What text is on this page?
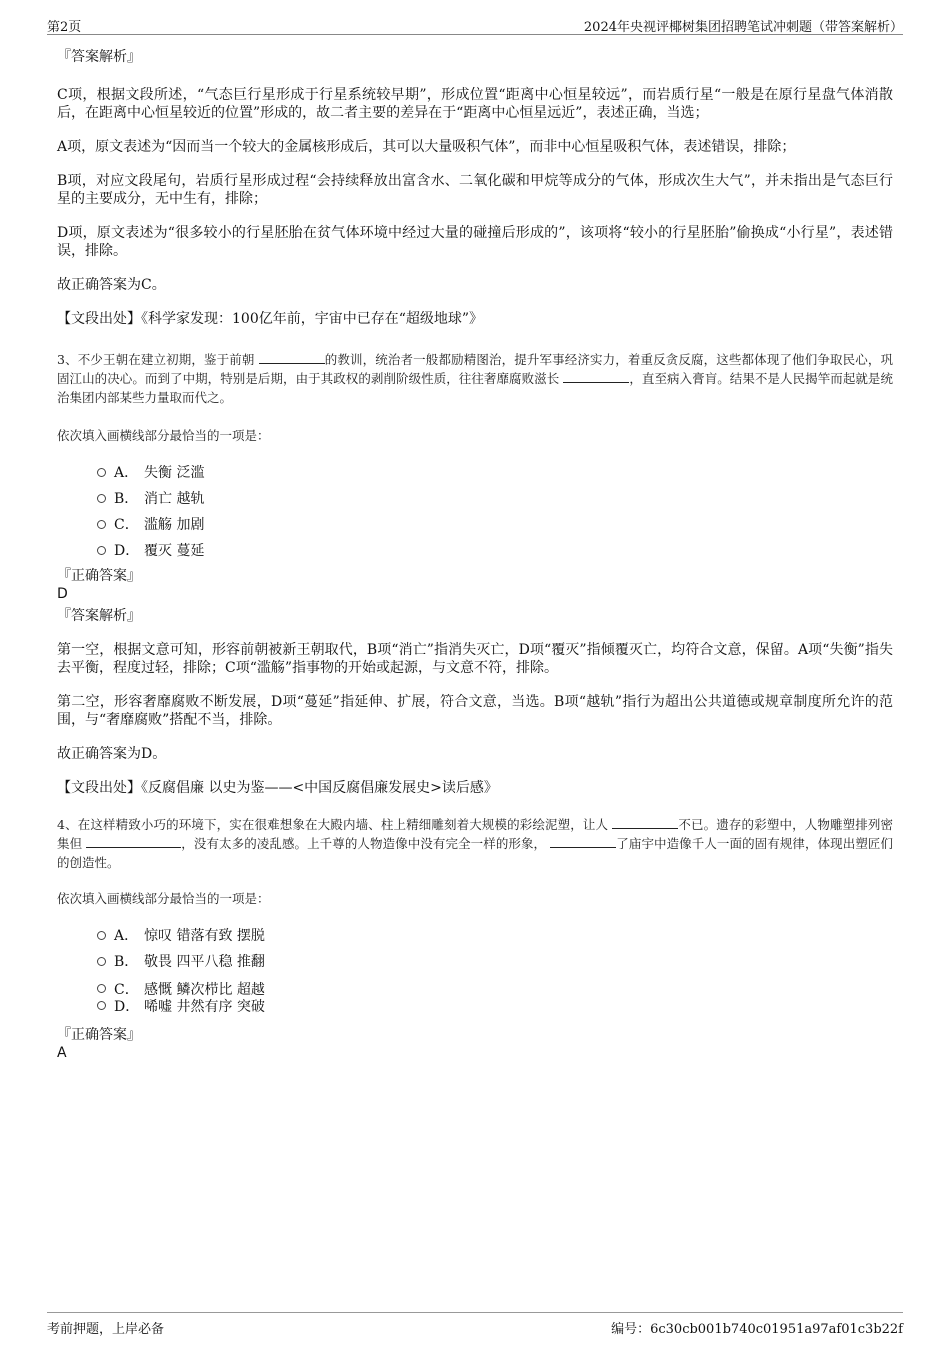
第2页	2024年央视评椰树集团招聘笔试冲刺题（带答案解析）
『答案解析』

C项，根据文段所述，“气态巨行星形成于行星系统较早期”，形成位置“距离中心恒星较远”，而岩质行星“一般是在原行星盘气体消散后，在距离中心恒星较近的位置”形成的，故二者主要的差异在于“距离中心恒星远近”，表述正确，当选；

A项，原文表述为“因而当一个较大的金属核形成后，其可以大量吸积气体”，而非中心恒星吸积气体，表述错误，排除；

B项，对应文段尾句，岩质行星形成过程“会持续释放出富含水、二氧化碳和甲烷等成分的气体，形成次生大气”，并未指出是气态巨行星的主要成分，无中生有，排除；

D项，原文表述为“很多较小的行星胚胎在贫气体环境中经过大量的碰撞后形成的”，该项将“较小的行星胚胎”偷换成“小行星”，表述错误，排除。

故正确答案为C。

【文段出处】《科学家发现：100亿年前，宇宙中已存在“超级地球”》

3、不少王朝在建立初期，鉴于前朝	的教训，统治者一般都励精图治，提升军事经济实力，着重反贪反腐，这些都体现了他们争取民心，巩固江山的决心。而到了中期，特别是后期，由于其政权的剥削阶级性质，往往奢靡腐败滋长	，直至病入膏肓。结果不是人民揭竿而起就是统治集团内部某些力量取而代之。

依次填入画横线部分最恰当的一项是：

A． 失衡 泛滥
B． 消亡 越轨
C． 滥觞 加剧
D． 覆灭 蔓延
『正确答案』
D
『答案解析』

第一空，根据文意可知，形容前朝被新王朝取代，B项“消亡”指消失灭亡，D项“覆灭”指倾覆灭亡，均符合文意，保留。A项“失衡”指失去平衡，程度过轻，排除；C项“滥觞”指事物的开始或起源，与文意不符，排除。

第二空，形容奢靡腐败不断发展，D项“蔓延”指延伸、扩展，符合文意，当选。B项“越轨”指行为超出公共道德或规章制度所允许的范围，与“奢靡腐败”搭配不当，排除。

故正确答案为D。

【文段出处】《反腐倡廉 以史为鉴——<中国反腐倡廉发展史>读后感》

4、在这样精致小巧的环境下，实在很难想象在大殿内墙、柱上精细雕刻着大规模的彩绘泥塑，让人	不已。遗存的彩塑中，人物雕塑排列密集但	，没有太多的凌乱感。上千尊的人物造像中没有完全一样的形象，	了庙宇中造像千人一面的固有规律，体现出塑匠们的创造性。

依次填入画横线部分最恰当的一项是：

A． 惊叹 错落有致 摆脱
B． 敬畏 四平八稳 推翻
C． 感慨 鳞次栉比 超越
D． 唏嘘 井然有序 突破
『正确答案』
A
考前押题，上岸必备	编号：6c30cb001b740c01951a97af01c3b22f
